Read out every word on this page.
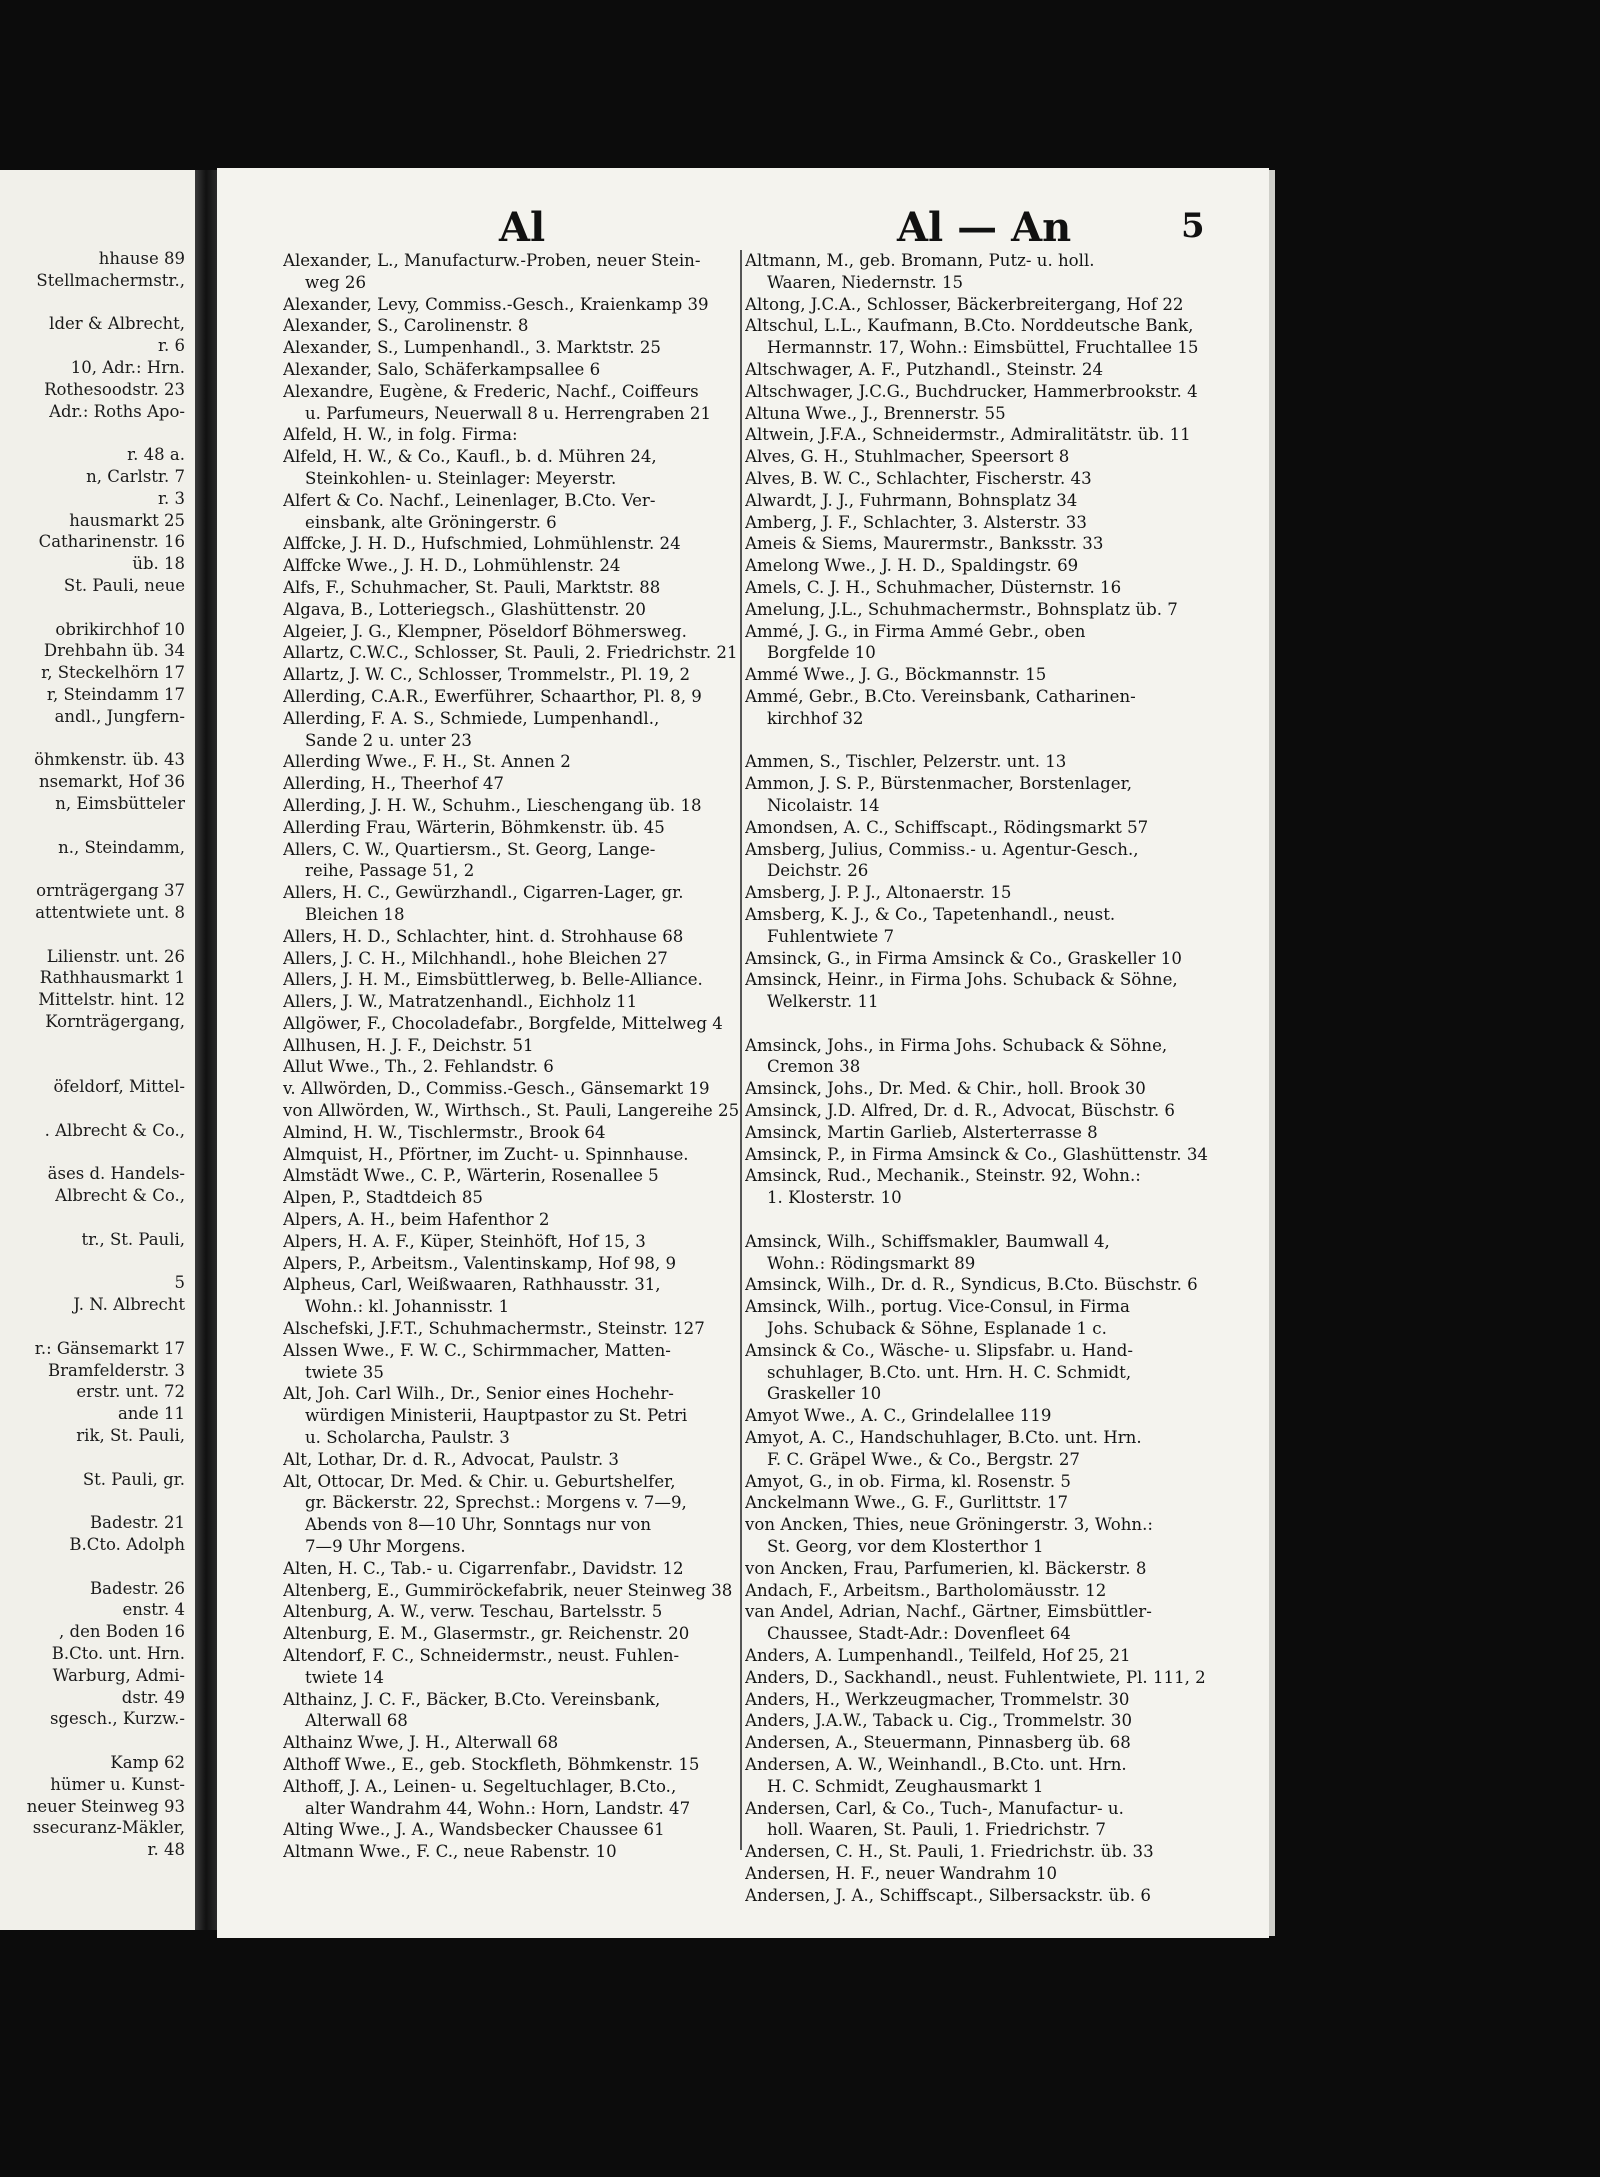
hhause 89
Stellmachermstr.,
lder & Albrecht,
r. 6
10, Adr.: Hrn.
Rothesoodstr. 23
Adr.: Roths Apo-
r. 48 a.
n, Carlstr. 7
r. 3
hausmarkt 25
Catharinenstr. 16
üb. 18
St. Pauli, neue
obrikirchhof 10
Drehbahn üb. 34
r, Steckelhörn 17
r, Steindamm 17
andl., Jungfern-
öhmkenstr. üb. 43
nsemarkt, Hof 36
n, Eimsbütteler
n., Steindamm,
ornträgergang 37
attentwiete unt. 8
Lilienstr. unt. 26
Rathhausmarkt 1
Mittelstr. hint. 12
Kornträgergang,
öfeldorf, Mittel-
. Albrecht & Co.,
äses d. Handels-
Albrecht & Co.,
tr., St. Pauli,
5
J. N. Albrecht
r.: Gänsemarkt 17
Bramfelderstr. 3
erstr. unt. 72
ande 11
rik, St. Pauli,
St. Pauli, gr.
Badestr. 21
B.Cto. Adolph
Badestr. 26
enstr. 4
, den Boden 16
B.Cto. unt. Hrn.
Warburg, Admi-
dstr. 49
sgesch., Kurzw.-
Kamp 62
hümer u. Kunst-
neuer Steinweg 93
ssecuranz-Mäkler,
r. 48
Al	Al — An	5
Alexander, L., Manufacturw.-Proben, neuer Stein-
weg 26
Alexander, Levy, Commiss.-Gesch., Kraienkamp 39
Alexander, S., Carolinenstr. 8
Alexander, S., Lumpenhandl., 3. Marktstr. 25
Alexander, Salo, Schäferkampsallee 6
Alexandre, Eugène, & Frederic, Nachf., Coiffeurs
u. Parfumeurs, Neuerwall 8 u. Herrengraben 21
Alfeld, H. W., in folg. Firma:
Alfeld, H. W., & Co., Kaufl., b. d. Mühren 24,
Steinkohlen- u. Steinlager: Meyerstr.
Alfert & Co. Nachf., Leinenlager, B.Cto. Ver-
einsbank, alte Gröningerstr. 6
Alffcke, J. H. D., Hufschmied, Lohmühlenstr. 24
Alffcke Wwe., J. H. D., Lohmühlenstr. 24
Alfs, F., Schuhmacher, St. Pauli, Marktstr. 88
Algava, B., Lotteriegsch., Glashüttenstr. 20
Algeier, J. G., Klempner, Pöseldorf Böhmersweg.
Allartz, C.W.C., Schlosser, St. Pauli, 2. Friedrichstr. 21
Allartz, J. W. C., Schlosser, Trommelstr., Pl. 19, 2
Allerding, C.A.R., Ewerführer, Schaarthor, Pl. 8, 9
Allerding, F. A. S., Schmiede, Lumpenhandl.,
Sande 2 u. unter 23
Allerding Wwe., F. H., St. Annen 2
Allerding, H., Theerhof 47
Allerding, J. H. W., Schuhm., Lieschengang üb. 18
Allerding Frau, Wärterin, Böhmkenstr. üb. 45
Allers, C. W., Quartiersm., St. Georg, Lange-
reihe, Passage 51, 2
Allers, H. C., Gewürzhandl., Cigarren-Lager, gr.
Bleichen 18
Allers, H. D., Schlachter, hint. d. Strohhause 68
Allers, J. C. H., Milchhandl., hohe Bleichen 27
Allers, J. H. M., Eimsbüttlerweg, b. Belle-Alliance.
Allers, J. W., Matratzenhandl., Eichholz 11
Allgöwer, F., Chocoladefabr., Borgfelde, Mittelweg 4
Allhusen, H. J. F., Deichstr. 51
Allut Wwe., Th., 2. Fehlandstr. 6
v. Allwörden, D., Commiss.-Gesch., Gänsemarkt 19
von Allwörden, W., Wirthsch., St. Pauli, Langereihe 25
Almind, H. W., Tischlermstr., Brook 64
Almquist, H., Pförtner, im Zucht- u. Spinnhause.
Almstädt Wwe., C. P., Wärterin, Rosenallee 5
Alpen, P., Stadtdeich 85
Alpers, A. H., beim Hafenthor 2
Alpers, H. A. F., Küper, Steinhöft, Hof 15, 3
Alpers, P., Arbeitsm., Valentinskamp, Hof 98, 9
Alpheus, Carl, Weißwaaren, Rathhausstr. 31,
Wohn.: kl. Johannisstr. 1
Alschefski, J.F.T., Schuhmachermstr., Steinstr. 127
Alssen Wwe., F. W. C., Schirmmacher, Matten-
twiete 35
Alt, Joh. Carl Wilh., Dr., Senior eines Hochehr-
würdigen Ministerii, Hauptpastor zu St. Petri
u. Scholarcha, Paulstr. 3
Alt, Lothar, Dr. d. R., Advocat, Paulstr. 3
Alt, Ottocar, Dr. Med. & Chir. u. Geburtshelfer,
gr. Bäckerstr. 22, Sprechst.: Morgens v. 7—9,
Abends von 8—10 Uhr, Sonntags nur von
7—9 Uhr Morgens.
Alten, H. C., Tab.- u. Cigarrenfabr., Davidstr. 12
Altenberg, E., Gummiröckefabrik, neuer Steinweg 38
Altenburg, A. W., verw. Teschau, Bartelsstr. 5
Altenburg, E. M., Glasermstr., gr. Reichenstr. 20
Altendorf, F. C., Schneidermstr., neust. Fuhlen-
twiete 14
Althainz, J. C. F., Bäcker, B.Cto. Vereinsbank,
Alterwall 68
Althainz Wwe, J. H., Alterwall 68
Althoff Wwe., E., geb. Stockfleth, Böhmkenstr. 15
Althoff, J. A., Leinen- u. Segeltuchlager, B.Cto.,
alter Wandrahm 44, Wohn.: Horn, Landstr. 47
Alting Wwe., J. A., Wandsbecker Chaussee 61
Altmann Wwe., F. C., neue Rabenstr. 10
Altmann, M., geb. Bromann, Putz- u. holl.
Waaren, Niedernstr. 15
Altong, J.C.A., Schlosser, Bäckerbreitergang, Hof 22
Altschul, L.L., Kaufmann, B.Cto. Norddeutsche Bank,
Hermannstr. 17, Wohn.: Eimsbüttel, Fruchtallee 15
Altschwager, A. F., Putzhandl., Steinstr. 24
Altschwager, J.C.G., Buchdrucker, Hammerbrookstr. 4
Altuna Wwe., J., Brennerstr. 55
Altwein, J.F.A., Schneidermstr., Admiralitätstr. üb. 11
Alves, G. H., Stuhlmacher, Speersort 8
Alves, B. W. C., Schlachter, Fischerstr. 43
Alwardt, J. J., Fuhrmann, Bohnsplatz 34
Amberg, J. F., Schlachter, 3. Alsterstr. 33
Ameis & Siems, Maurermstr., Banksstr. 33
Amelong Wwe., J. H. D., Spaldingstr. 69
Amels, C. J. H., Schuhmacher, Düsternstr. 16
Amelung, J.L., Schuhmachermstr., Bohnsplatz üb. 7
Ammé, J. G., in Firma Ammé Gebr., oben
Borgfelde 10
Ammé Wwe., J. G., Böckmannstr. 15
Ammé, Gebr., B.Cto. Vereinsbank, Catharinen-
kirchhof 32
Ammen, S., Tischler, Pelzerstr. unt. 13
Ammon, J. S. P., Bürstenmacher, Borstenlager,
Nicolaistr. 14
Amondsen, A. C., Schiffscapt., Rödingsmarkt 57
Amsberg, Julius, Commiss.- u. Agentur-Gesch.,
Deichstr. 26
Amsberg, J. P. J., Altonaerstr. 15
Amsberg, K. J., & Co., Tapetenhandl., neust.
Fuhlentwiete 7
Amsinck, G., in Firma Amsinck & Co., Graskeller 10
Amsinck, Heinr., in Firma Johs. Schuback & Söhne,
Welkerstr. 11
Amsinck, Johs., in Firma Johs. Schuback & Söhne,
Cremon 38
Amsinck, Johs., Dr. Med. & Chir., holl. Brook 30
Amsinck, J.D. Alfred, Dr. d. R., Advocat, Büschstr. 6
Amsinck, Martin Garlieb, Alsterterrasse 8
Amsinck, P., in Firma Amsinck & Co., Glashüttenstr. 34
Amsinck, Rud., Mechanik., Steinstr. 92, Wohn.:
1. Klosterstr. 10
Amsinck, Wilh., Schiffsmakler, Baumwall 4,
Wohn.: Rödingsmarkt 89
Amsinck, Wilh., Dr. d. R., Syndicus, B.Cto. Büschstr. 6
Amsinck, Wilh., portug. Vice-Consul, in Firma
Johs. Schuback & Söhne, Esplanade 1 c.
Amsinck & Co., Wäsche- u. Slipsfabr. u. Hand-
schuhlager, B.Cto. unt. Hrn. H. C. Schmidt,
Graskeller 10
Amyot Wwe., A. C., Grindelallee 119
Amyot, A. C., Handschuhlager, B.Cto. unt. Hrn.
F. C. Gräpel Wwe., & Co., Bergstr. 27
Amyot, G., in ob. Firma, kl. Rosenstr. 5
Anckelmann Wwe., G. F., Gurlittstr. 17
von Ancken, Thies, neue Gröningerstr. 3, Wohn.:
St. Georg, vor dem Klosterthor 1
von Ancken, Frau, Parfumerien, kl. Bäckerstr. 8
Andach, F., Arbeitsm., Bartholomäusstr. 12
van Andel, Adrian, Nachf., Gärtner, Eimsbüttler-
Chaussee, Stadt-Adr.: Dovenfleet 64
Anders, A. Lumpenhandl., Teilfeld, Hof 25, 21
Anders, D., Sackhandl., neust. Fuhlentwiete, Pl. 111, 2
Anders, H., Werkzeugmacher, Trommelstr. 30
Anders, J.A.W., Taback u. Cig., Trommelstr. 30
Andersen, A., Steuermann, Pinnasberg üb. 68
Andersen, A. W., Weinhandl., B.Cto. unt. Hrn.
H. C. Schmidt, Zeughausmarkt 1
Andersen, Carl, & Co., Tuch-, Manufactur- u.
holl. Waaren, St. Pauli, 1. Friedrichstr. 7
Andersen, C. H., St. Pauli, 1. Friedrichstr. üb. 33
Andersen, H. F., neuer Wandrahm 10
Andersen, J. A., Schiffscapt., Silbersackstr. üb. 6
